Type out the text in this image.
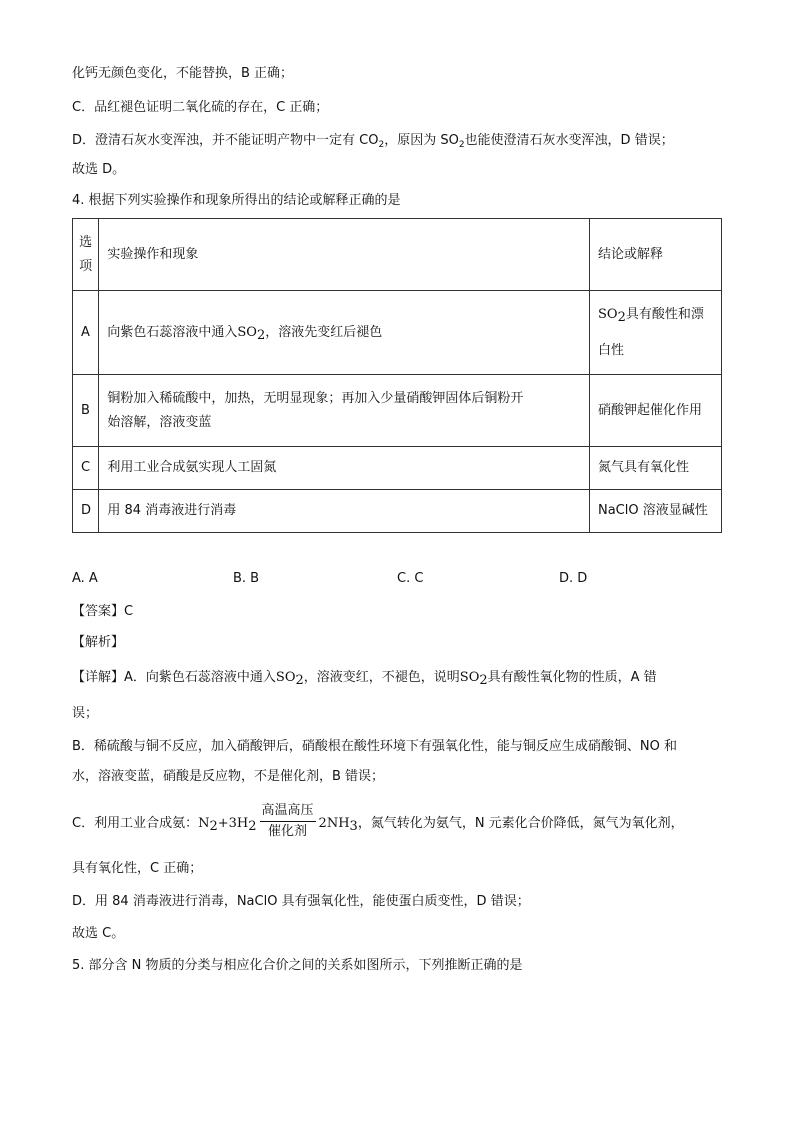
化钙无颜色变化，不能替换，B 正确；
C．品红褪色证明二氧化硫的存在，C 正确；
D．澄清石灰水变浑浊，并不能证明产物中一定有 $CO_2$，原因为 $SO_2$也能使澄清石灰水变浑浊，D 错误；
故选 D。
4. 根据下列实验操作和现象所得出的结论或解释正确的是
选项	实验操作和现象	结论或解释
A	向紫色石蕊溶液中通入$SO_2$，溶液先变红后褪色	$SO_2$具有酸性和漂
白性

B	铜粉加入稀硫酸中，加热，无明显现象；再加入少量硝酸钾固体后铜粉开
始溶解，溶液变蓝	硝酸钾起催化作用
C	利用工业合成氨实现人工固氮	氮气具有氧化性
D	用 84 消毒液进行消毒	NaClO 溶液显碱性
A. A	B. B	C. C	D. D
【答案】C
【解析】
【详解】A．向紫色石蕊溶液中通入$SO_2$，溶液变红，不褪色，说明$SO_2$具有酸性氧化物的性质，A 错
误；
B．稀硫酸与铜不反应，加入硝酸钾后，硝酸根在酸性环境下有强氧化性，能与铜反应生成硝酸铜、NO 和
水，溶液变蓝，硝酸是反应物，不是催化剂，B 错误；
C．利用工业合成氨：$N_2+3H_2 \frac{\text{高温高压}}{\text{催化剂}} 2NH_3$，氮气转化为氨气，N 元素化合价降低，氮气为氧化剂，
具有氧化性，C 正确；
D．用 84 消毒液进行消毒，NaClO 具有强氧化性，能使蛋白质变性，D 错误；
故选 C。
5. 部分含 N 物质的分类与相应化合价之间的关系如图所示，下列推断正确的是
